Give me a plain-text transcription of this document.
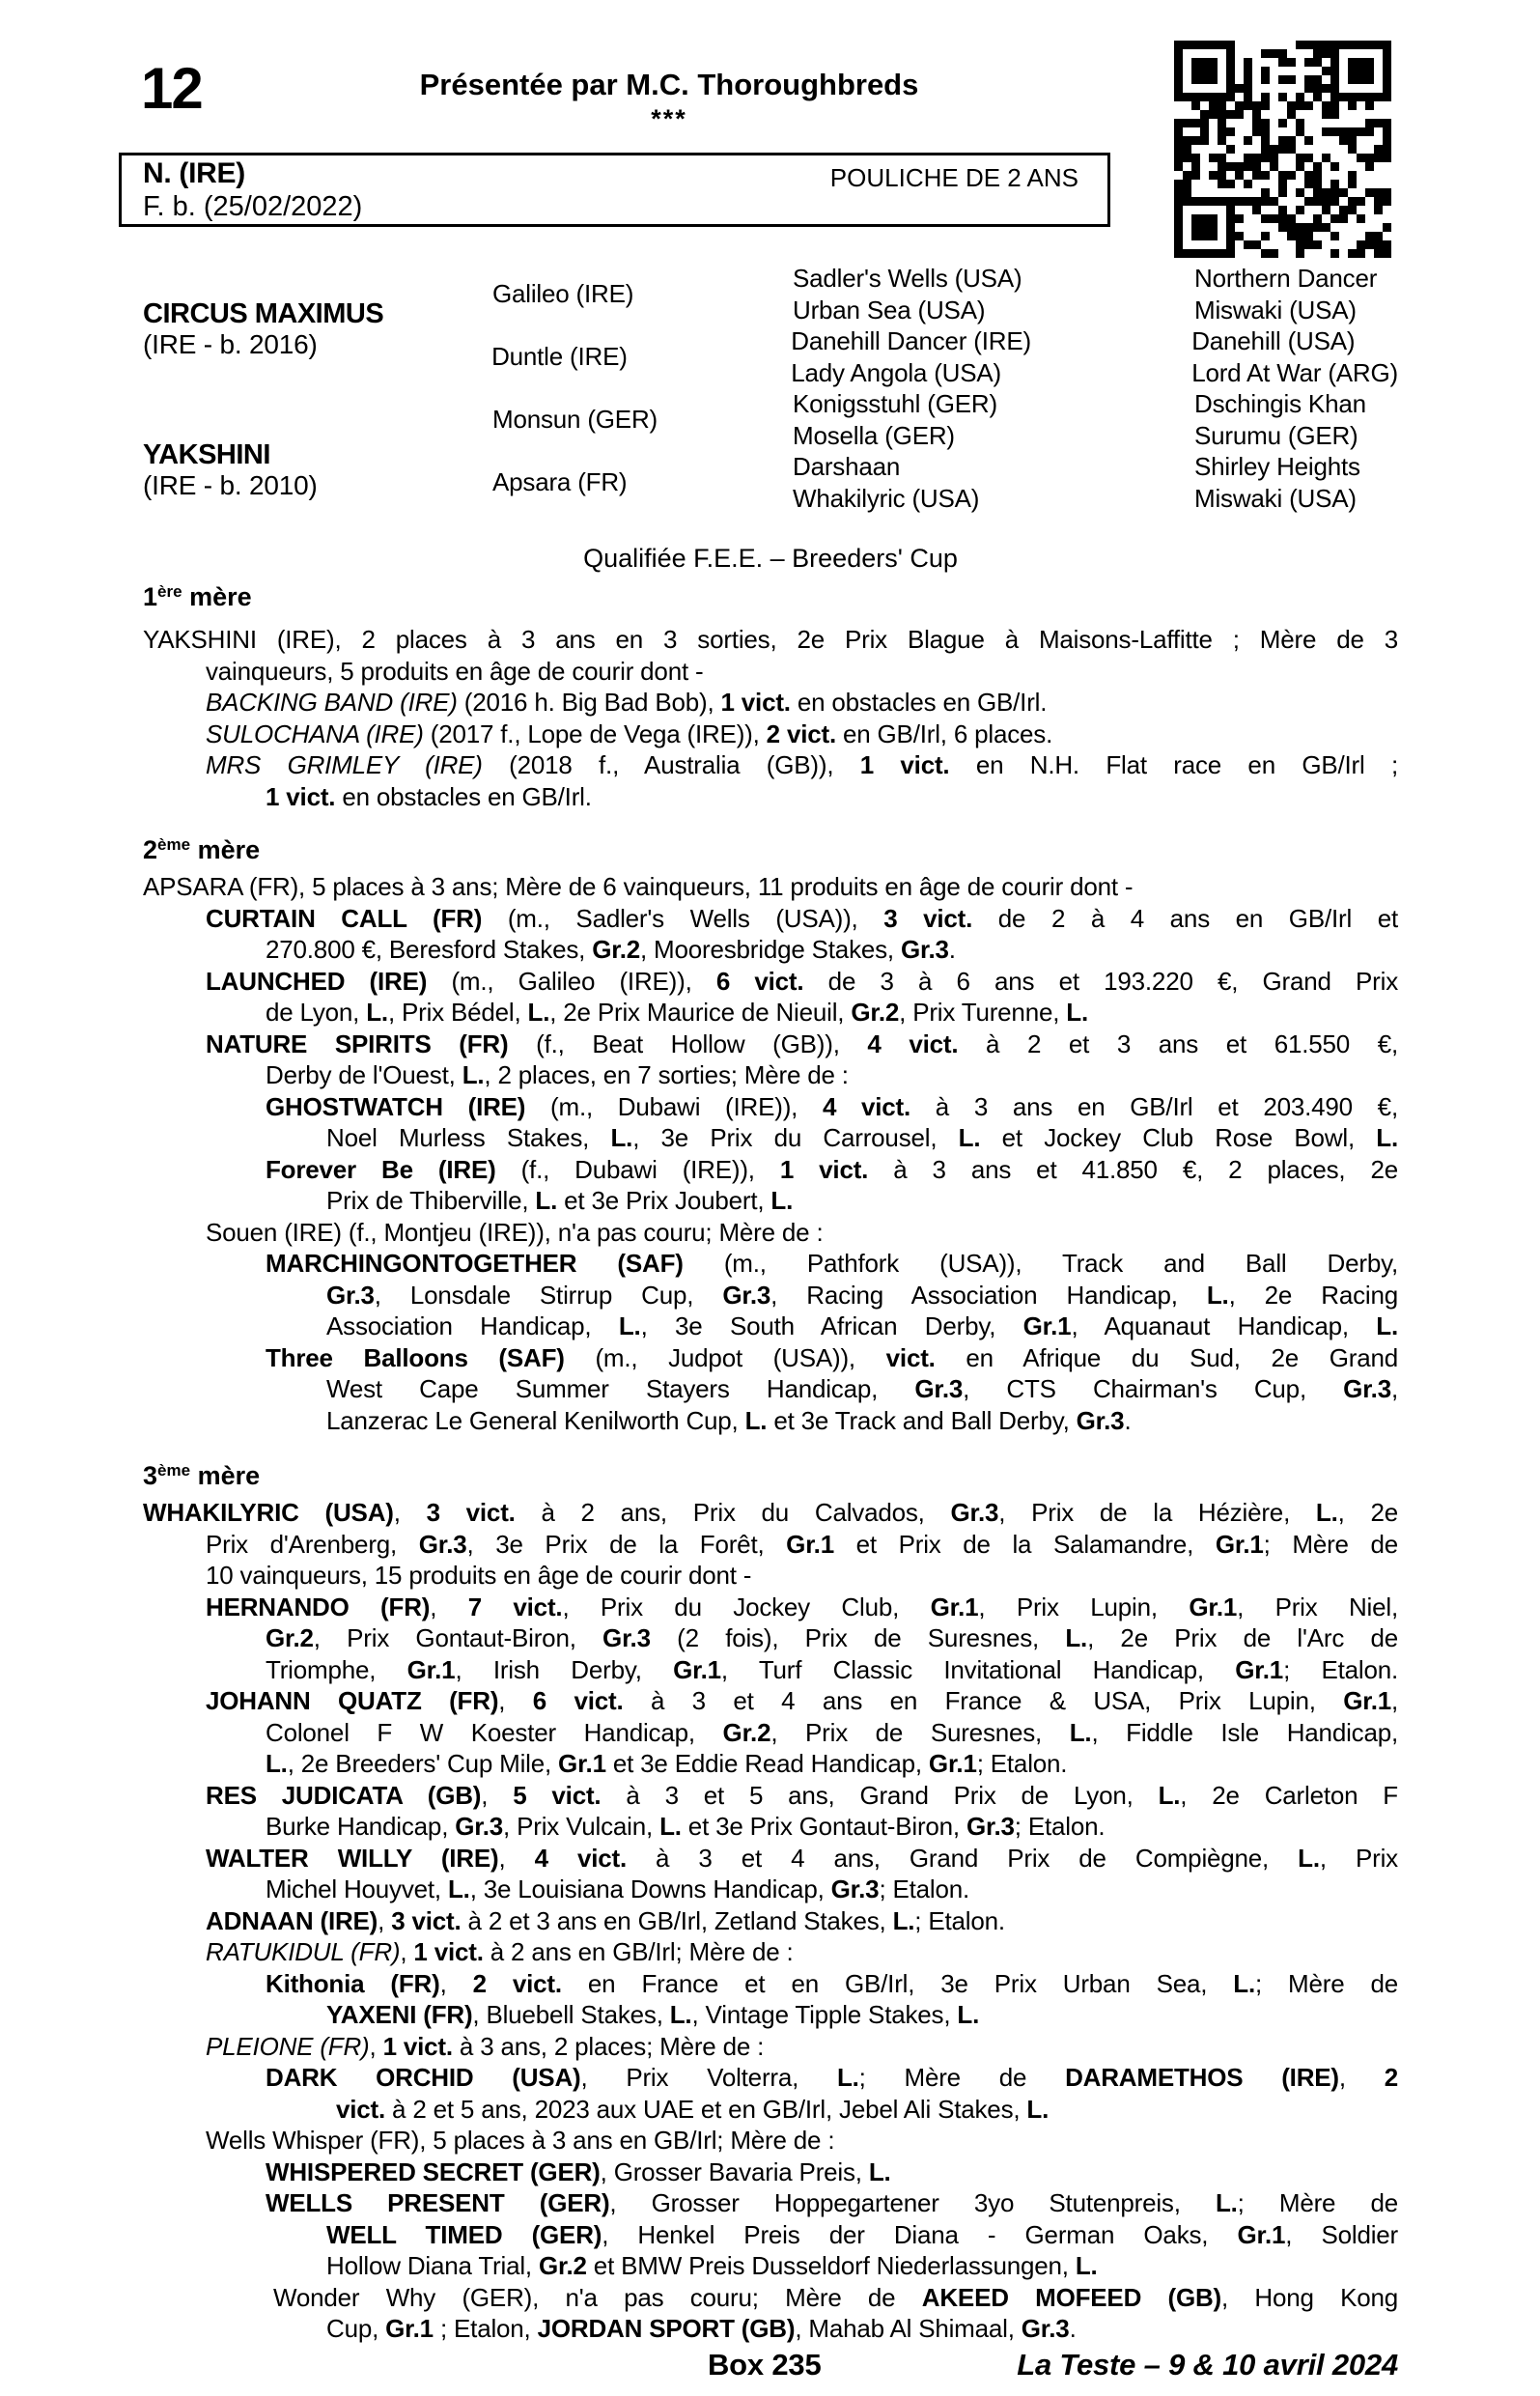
12	Présentée par M.C. Thoroughbreds
***
N. (IRE)
F. b. (25/02/2022)
POULICHE DE 2 ANS
CIRCUS MAXIMUS
(IRE - b. 2016)
YAKSHINI
(IRE - b. 2010)
Galileo (IRE)
Sadler's Wells (USA)
Urban Sea (USA)
Northern Dancer
Miswaki (USA)
Duntle (IRE)
Danehill Dancer (IRE)
Lady Angola (USA)
Danehill (USA)
Lord At War (ARG)
Monsun (GER)
Konigsstuhl (GER)
Mosella (GER)
Dschingis Khan
Surumu (GER)
Apsara (FR)
Darshaan
Whakilyric (USA)
Shirley Heights
Miswaki (USA)
Qualifiée F.E.E. – Breeders' Cup
1ère mère
YAKSHINI (IRE), 2 places à 3 ans en 3 sorties, 2e Prix Blague à Maisons-Laffitte ; Mère de 3
vainqueurs, 5 produits en âge de courir dont -
BACKING BAND (IRE) (2016 h. Big Bad Bob), 1 vict. en obstacles en GB/Irl.
SULOCHANA (IRE) (2017 f., Lope de Vega (IRE)), 2 vict. en GB/Irl, 6 places.
MRS GRIMLEY (IRE) (2018 f., Australia (GB)), 1 vict. en N.H. Flat race en GB/Irl ;
1 vict. en obstacles en GB/Irl.
2ème mère
APSARA (FR), 5 places à 3 ans; Mère de 6 vainqueurs, 11 produits en âge de courir dont -
CURTAIN CALL (FR) (m., Sadler's Wells (USA)), 3 vict. de 2 à 4 ans en GB/Irl et
270.800 €, Beresford Stakes, Gr.2, Mooresbridge Stakes, Gr.3.
LAUNCHED (IRE) (m., Galileo (IRE)), 6 vict. de 3 à 6 ans et 193.220 €, Grand Prix
de Lyon, L., Prix Bédel, L., 2e Prix Maurice de Nieuil, Gr.2, Prix Turenne, L.
NATURE SPIRITS (FR) (f., Beat Hollow (GB)), 4 vict. à 2 et 3 ans et 61.550 €,
Derby de l'Ouest, L., 2 places, en 7 sorties; Mère de :
GHOSTWATCH (IRE) (m., Dubawi (IRE)), 4 vict. à 3 ans en GB/Irl et 203.490 €,
Noel Murless Stakes, L., 3e Prix du Carrousel, L. et Jockey Club Rose Bowl, L.
Forever Be (IRE) (f., Dubawi (IRE)), 1 vict. à 3 ans et 41.850 €, 2 places, 2e
Prix de Thiberville, L. et 3e Prix Joubert, L.
Souen (IRE) (f., Montjeu (IRE)), n'a pas couru; Mère de :
MARCHINGONTOGETHER (SAF) (m., Pathfork (USA)), Track and Ball Derby,
Gr.3, Lonsdale Stirrup Cup, Gr.3, Racing Association Handicap, L., 2e Racing
Association Handicap, L., 3e South African Derby, Gr.1, Aquanaut Handicap, L.
Three Balloons (SAF) (m., Judpot (USA)), vict. en Afrique du Sud, 2e Grand
West Cape Summer Stayers Handicap, Gr.3, CTS Chairman's Cup, Gr.3,
Lanzerac Le General Kenilworth Cup, L. et 3e Track and Ball Derby, Gr.3.
3ème mère
WHAKILYRIC (USA), 3 vict. à 2 ans, Prix du Calvados, Gr.3, Prix de la Hézière, L., 2e
Prix d'Arenberg, Gr.3, 3e Prix de la Forêt, Gr.1 et Prix de la Salamandre, Gr.1; Mère de
10 vainqueurs, 15 produits en âge de courir dont -
HERNANDO (FR), 7 vict., Prix du Jockey Club, Gr.1, Prix Lupin, Gr.1, Prix Niel,
Gr.2, Prix Gontaut-Biron, Gr.3 (2 fois), Prix de Suresnes, L., 2e Prix de l'Arc de
Triomphe, Gr.1, Irish Derby, Gr.1, Turf Classic Invitational Handicap, Gr.1; Etalon.
JOHANN QUATZ (FR), 6 vict. à 3 et 4 ans en France & USA, Prix Lupin, Gr.1,
Colonel F W Koester Handicap, Gr.2, Prix de Suresnes, L., Fiddle Isle Handicap,
L., 2e Breeders' Cup Mile, Gr.1 et 3e Eddie Read Handicap, Gr.1; Etalon.
RES JUDICATA (GB), 5 vict. à 3 et 5 ans, Grand Prix de Lyon, L., 2e Carleton F
Burke Handicap, Gr.3, Prix Vulcain, L. et 3e Prix Gontaut-Biron, Gr.3; Etalon.
WALTER WILLY (IRE), 4 vict. à 3 et 4 ans, Grand Prix de Compiègne, L., Prix
Michel Houyvet, L., 3e Louisiana Downs Handicap, Gr.3; Etalon.
ADNAAN (IRE), 3 vict. à 2 et 3 ans en GB/Irl, Zetland Stakes, L.; Etalon.
RATUKIDUL (FR), 1 vict. à 2 ans en GB/Irl; Mère de :
Kithonia (FR), 2 vict. en France et en GB/Irl, 3e Prix Urban Sea, L.; Mère de
YAXENI (FR), Bluebell Stakes, L., Vintage Tipple Stakes, L.
PLEIONE (FR), 1 vict. à 3 ans, 2 places; Mère de :
DARK ORCHID (USA), Prix Volterra, L.; Mère de DARAMETHOS (IRE), 2
vict. à 2 et 5 ans, 2023 aux UAE et en GB/Irl, Jebel Ali Stakes, L.
Wells Whisper (FR), 5 places à 3 ans en GB/Irl; Mère de :
WHISPERED SECRET (GER), Grosser Bavaria Preis, L.
WELLS PRESENT (GER), Grosser Hoppegartener 3yo Stutenpreis, L.; Mère de
WELL TIMED (GER), Henkel Preis der Diana - German Oaks, Gr.1, Soldier
Hollow Diana Trial, Gr.2 et BMW Preis Dusseldorf Niederlassungen, L.
Wonder Why (GER), n'a pas couru; Mère de AKEED MOFEED (GB), Hong Kong
Cup, Gr.1 ; Etalon, JORDAN SPORT (GB), Mahab Al Shimaal, Gr.3.
Box 235	La Teste – 9 & 10 avril 2024
